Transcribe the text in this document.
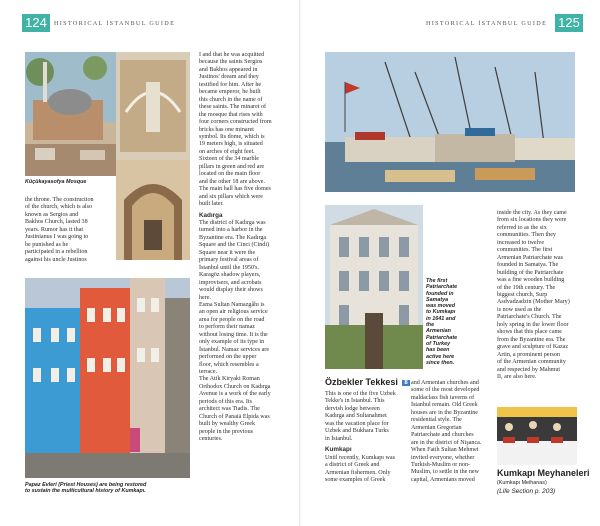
124	HISTORICAL İSTANBUL GUIDE
Küçükayasofya Mosque

the throne. The construction
of the church, which is also
known as Sergios and
Bakhos Church, lasted 38
years. Rumor has it that
Justinianus I was going to
be punished as he
participated in a rebellion
against his uncle Justinos

I and that he was acquitted
because the saints Sergios
and Bakhos appeared in
Justinos' dream and they
testified for him. After he
became emperor, he built
this church in the name of
these saints. The minaret of
the mosque that rises with
four corners constructed from
bricks has one minaret
symbol. Its dome, which is
19 meters high, is situated
on arches of eight feet.
Sixteen of the 34 marble
pillars in green and red are
located on the main floor
and the other 18 are above.
The main hall has five domes
and six pillars which were
built later.

Kadırga

The district of Kadırga was
turned into a harbor in the
Byzantine era. The Kadırga
Square and the Cinci (Cindi)
Square near it were the
primary festival areas of
İstanbul until the 1950's.
Karagöz shadow players,
improvisers, and acrobats
would display their shows
here.
Esma Sultan Namazgâhı is
an open air religious service
area for people on the road
to perform their namaz
without losing time. It is the
only example of its type in
İstanbul. Namaz services are
performed on the upper
floor, which resembles a
terrace.
The Atik Kiryaki Roman
Orthodox Church on Kadırga
Avenue is a work of the early
periods of this era. Its
architect was Tiadis. The
Church of Panaiā Elpida was
built by wealthy Greek
people in the previous
centuries.

Papaz Evleri (Priest Houses) are being restored
to sustain the multicultural history of Kumkapı.
125
HISTORICAL İSTANBUL GUIDE
The first
Patriarchate
founded in
Samatya
was moved
to Kumkapı
in 1641 and
the
Armenian
Patriarchate
of Turkey
has been
active here
since then.
Özbekler Tekkesi 8

This is one of the five Uzbek
Tekke's in İstanbul. This
dervish lodge between
Kadırga and Sultanahmet
was the vacation place for
Uzbek and Bukhara Turks
in İstanbul.

Kumkapı

Until recently, Kumkapı was
a district of Greek and
Armenian fishermen. Only
some examples of Greek

and Armenian churches and
some of the most developed
maldaclass fish taverns of
İstanbul remain. Old Greek
houses are in the Byzantine
residential style. The
Armenian Gregorian
Patriarchate and churches
are in the district of Nişanca.
When Fatih Sultan Mehmet
invited everyone, whether
Turkish-Muslim or non-
Muslim, to settle in the new
capital, Armenians moved

inside the city. As they came
from six locations they were
referred to as the six
communities. Then they
increased to twelve
communities. The first
Armenian Patriarchate was
founded in Samatya. The
building of the Patriarchate
was a fine wooden building
of the 19th century. The
biggest church, Surp
Asdvadzadzin (Mother Mary)
is now used as the
Patriarchate's Church. The
holy spring in the lower floor
shows that this place came
from the Byzantine era. The
grave and sculpture of Kazaz
Artin, a prominent person
of the Armenian community
and respected by Mahmut
II, are also here.

Kumkapı Meyhaneleri
(Kumkapı Meihanas)
(Life Section p. 203)
